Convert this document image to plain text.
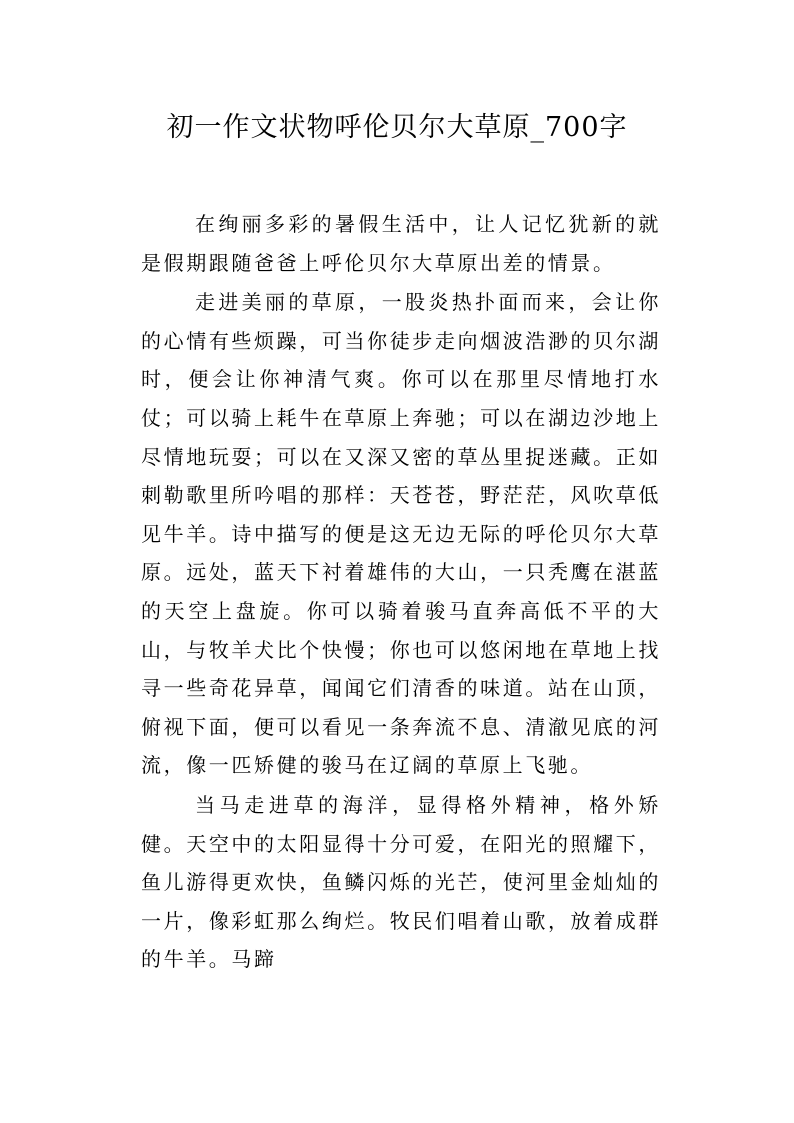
初一作文状物呼伦贝尔大草原_700字

在绚丽多彩的暑假生活中，让人记忆犹新的就是假期跟随爸爸上呼伦贝尔大草原出差的情景。

走进美丽的草原，一股炎热扑面而来，会让你的心情有些烦躁，可当你徒步走向烟波浩渺的贝尔湖时，便会让你神清气爽。你可以在那里尽情地打水仗；可以骑上耗牛在草原上奔驰；可以在湖边沙地上尽情地玩耍；可以在又深又密的草丛里捉迷藏。正如刺勒歌里所吟唱的那样：天苍苍，野茫茫，风吹草低见牛羊。诗中描写的便是这无边无际的呼伦贝尔大草原。远处，蓝天下衬着雄伟的大山，一只秃鹰在湛蓝的天空上盘旋。你可以骑着骏马直奔高低不平的大山，与牧羊犬比个快慢；你也可以悠闲地在草地上找寻一些奇花异草，闻闻它们清香的味道。站在山顶，俯视下面，便可以看见一条奔流不息、清澈见底的河流，像一匹矫健的骏马在辽阔的草原上飞驰。

当马走进草的海洋，显得格外精神，格外矫健。天空中的太阳显得十分可爱，在阳光的照耀下，鱼儿游得更欢快，鱼鳞闪烁的光芒，使河里金灿灿的一片，像彩虹那么绚烂。牧民们唱着山歌，放着成群的牛羊。马蹄
